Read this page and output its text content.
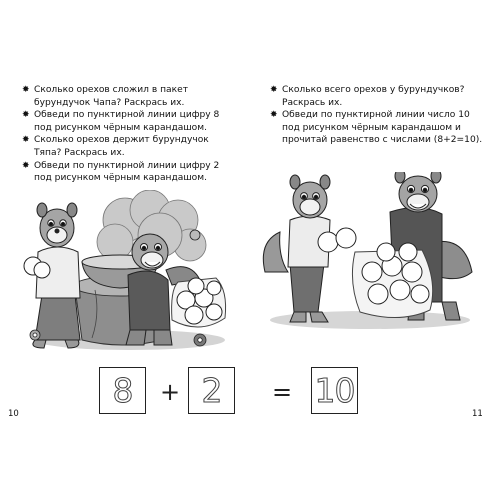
✸ Сколько орехов сложил в пакет бурундучок Чапа? Раскрась их.
✸ Обведи по пунктирной линии цифру 8 под рисунком чёрным карандашом.
✸ Сколько орехов держит бурундучок Тяпа? Раскрась их.
✸ Обведи по пунктирной линии цифру 2 под рисунком чёрным карандашом.
8	+ 2
10
✸ Сколько всего орехов у бурундучков? Раскрась их.
✸ Обведи по пунктирной линии число 10 под рисунком чёрным карандашом и прочитай равенство с числами (8+2=10).
= 10
11
